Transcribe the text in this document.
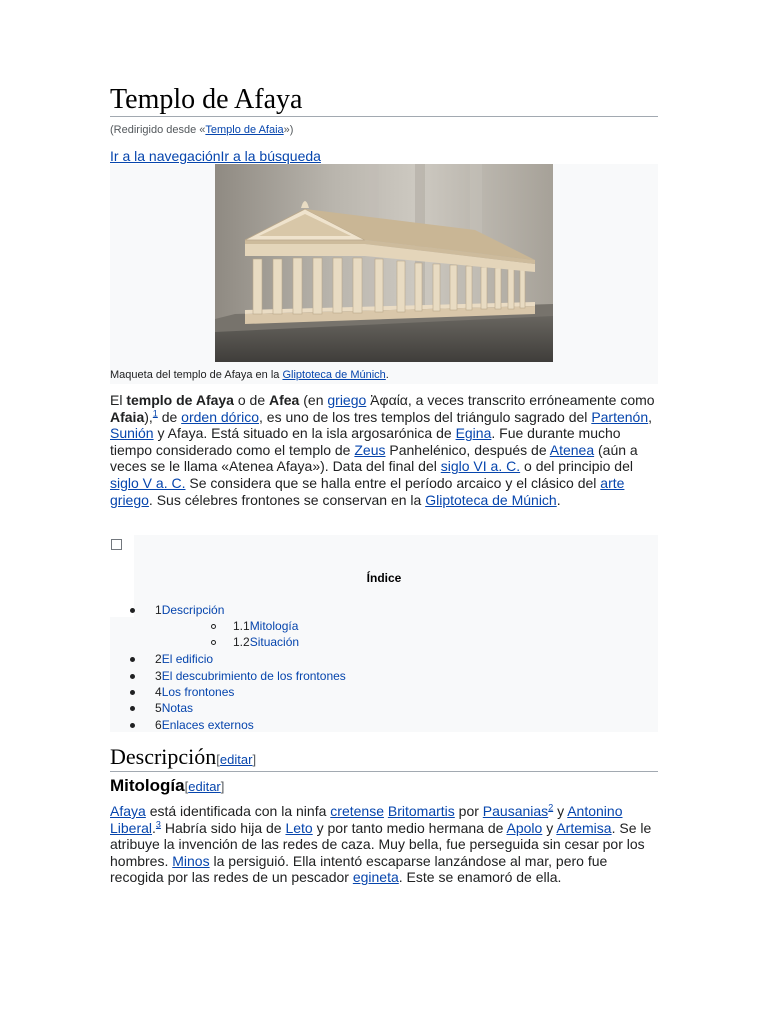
Templo de Afaya
(Redirigido desde «Templo de Afaia»)
Ir a la navegaciónIr a la búsqueda
Maqueta del templo de Afaya en la Gliptoteca de Múnich.
El templo de Afaya o de Afea (en griego Ἀφαία, a veces transcrito erróneamente como Afaia),$^1$ de orden dórico, es uno de los tres templos del triángulo sagrado del Partenón, Sunión y Afaya. Está situado en la isla argosarónica de Egina. Fue durante mucho tiempo considerado como el templo de Zeus Panhelénico, después de Atenea (aún a veces se le llama «Atenea Afaya»). Data del final del siglo VI a. C. o del principio del siglo V a. C. Se considera que se halla entre el período arcaico y el clásico del arte griego. Sus célebres frontones se conservan en la Gliptoteca de Múnich.
Índice
1Descripción
1.1Mitología
1.2Situación
2El edificio
3El descubrimiento de los frontones
4Los frontones
5Notas
6Enlaces externos
Descripción[editar]
Mitología[editar]
Afaya está identificada con la ninfa cretense Britomartis por Pausanias$^2$ y Antonino Liberal.$^3$ Habría sido hija de Leto y por tanto medio hermana de Apolo y Artemisa. Se le atribuye la invención de las redes de caza. Muy bella, fue perseguida sin cesar por los hombres. Minos la persiguió. Ella intentó escaparse lanzándose al mar, pero fue recogida por las redes de un pescador egineta. Este se enamoró de ella.
